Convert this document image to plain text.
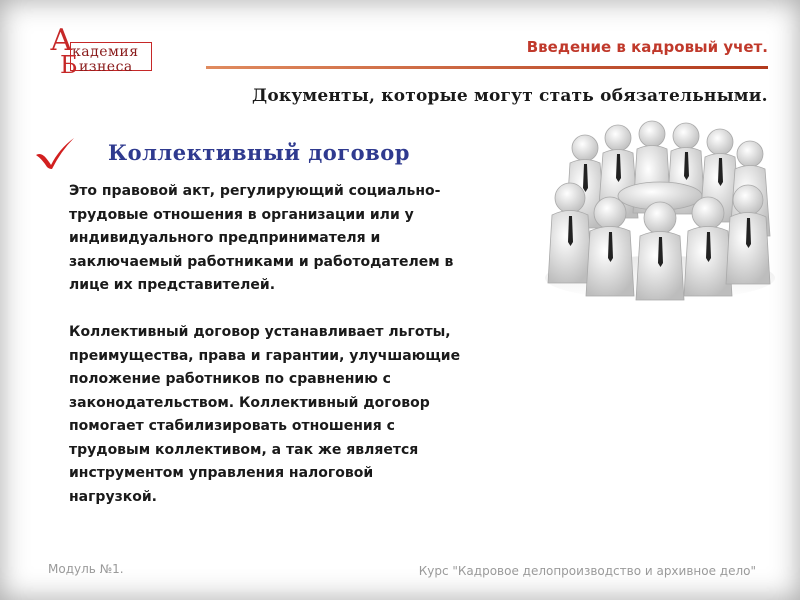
А кадемия
Б изнеса
Введение в кадровый учет.
Документы, которые могут стать обязательными.
Коллективный договор

Это правовой акт, регулирующий социально-
трудовые отношения в организации или у
индивидуального предпринимателя и
заключаемый работниками и работодателем в
лице их представителей.

Коллективный договор устанавливает льготы,
преимущества, права и гарантии, улучшающие
положение работников по сравнению с
законодательством. Коллективный договор
помогает стабилизировать отношения с
трудовым коллективом, а так же является
инструментом управления налоговой
нагрузкой.

Модуль №1.	Курс "Кадровое делопроизводство и архивное дело"
